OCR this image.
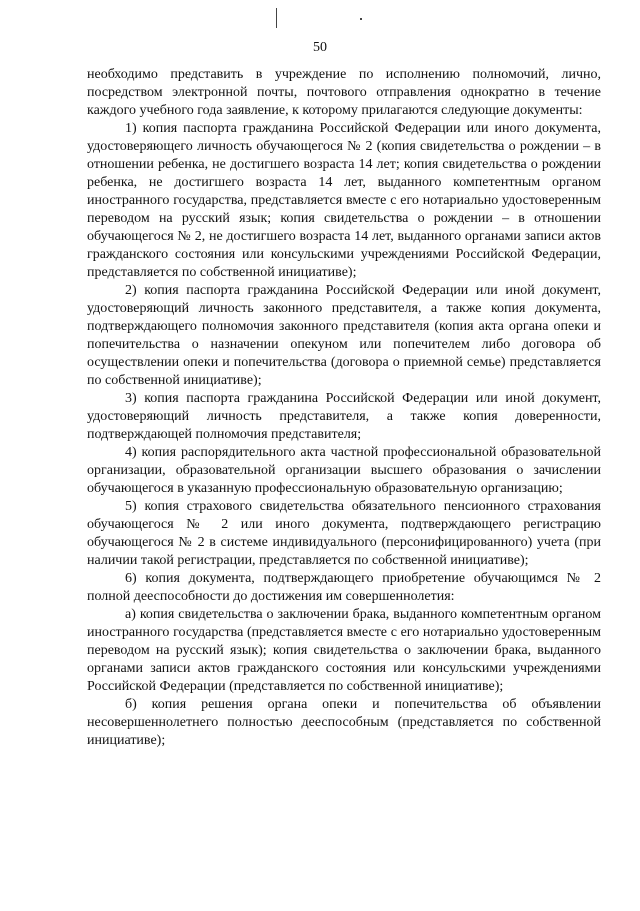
50

необходимо представить в учреждение по исполнению полномочий, лично, посредством электронной почты, почтового отправления однократно в течение каждого учебного года заявление, к которому прилагаются следующие документы:

1) копия паспорта гражданина Российской Федерации или иного документа, удостоверяющего личность обучающегося № 2 (копия свидетельства о рождении – в отношении ребенка, не достигшего возраста 14 лет; копия свидетельства о рождении ребенка, не достигшего возраста 14 лет, выданного компетентным органом иностранного государства, представляется вместе с его нотариально удостоверенным переводом на русский язык; копия свидетельства о рождении – в отношении обучающегося № 2, не достигшего возраста 14 лет, выданного органами записи актов гражданского состояния или консульскими учреждениями Российской Федерации, представляется по собственной инициативе);

2) копия паспорта гражданина Российской Федерации или иной документ, удостоверяющий личность законного представителя, а также копия документа, подтверждающего полномочия законного представителя (копия акта органа опеки и попечительства о назначении опекуном или попечителем либо договора об осуществлении опеки и попечительства (договора о приемной семье) представляется по собственной инициативе);

3) копия паспорта гражданина Российской Федерации или иной документ, удостоверяющий личность представителя, а также копия доверенности, подтверждающей полномочия представителя;

4) копия распорядительного акта частной профессиональной образовательной организации, образовательной организации высшего образования о зачислении обучающегося в указанную профессиональную образовательную организацию;

5) копия страхового свидетельства обязательного пенсионного страхования обучающегося № 2 или иного документа, подтверждающего регистрацию обучающегося № 2 в системе индивидуального (персонифицированного) учета (при наличии такой регистрации, представляется по собственной инициативе);

6) копия документа, подтверждающего приобретение обучающимся № 2 полной дееспособности до достижения им совершеннолетия:

а) копия свидетельства о заключении брака, выданного компетентным органом иностранного государства (представляется вместе с его нотариально удостоверенным переводом на русский язык); копия свидетельства о заключении брака, выданного органами записи актов гражданского состояния или консульскими учреждениями Российской Федерации (представляется по собственной инициативе);

б) копия решения органа опеки и попечительства об объявлении несовершеннолетнего полностью дееспособным (представляется по собственной инициативе);
